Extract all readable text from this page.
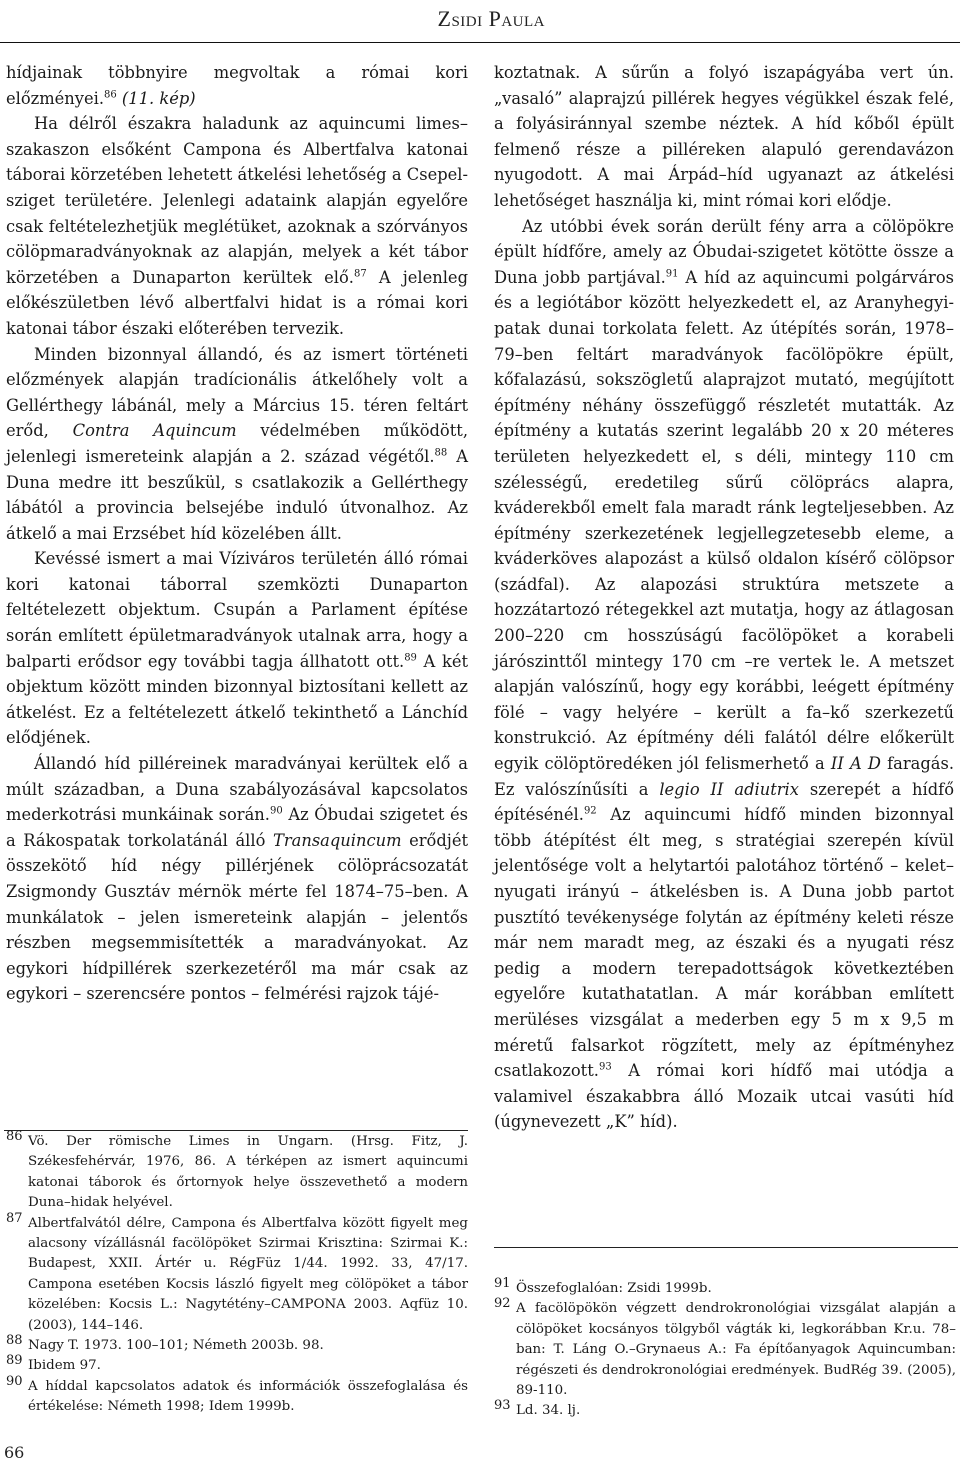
Zsidi Paula

hídjainak többnyire megvoltak a római kori előzményei.$^{86}$ (11. kép)

Ha délről északra haladunk az aquincumi limes–szakaszon elsőként Campona és Albertfalva katonai táborai körzetében lehetett átkelési lehetőség a Csepel-sziget területére. Jelenlegi adataink alapján egyelőre csak feltételezhetjük meglétüket, azoknak a szórványos cölöpmaradványoknak az alapján, melyek a két tábor körzetében a Dunaparton kerültek elő.$^{87}$ A jelenleg előkészületben lévő albertfalvi hidat is a római kori katonai tábor északi előterében tervezik.

Minden bizonnyal állandó, és az ismert történeti előzmények alapján tradícionális átkelőhely volt a Gellérthegy lábánál, mely a Március 15. téren feltárt erőd, Contra Aquincum védelmében működött, jelenlegi ismereteink alapján a 2. század végétől.$^{88}$ A Duna medre itt beszűkül, s csatlakozik a Gellérthegy lábától a provincia belsejébe induló útvonalhoz. Az átkelő a mai Erzsébet híd közelében állt.

Kevéssé ismert a mai Víziváros területén álló római kori katonai táborral szemközti Dunaparton feltételezett objektum. Csupán a Parlament építése során említett épületmaradványok utalnak arra, hogy a balparti erődsor egy további tagja állhatott ott.$^{89}$ A két objektum között minden bizonnyal biztosítani kellett az átkelést. Ez a feltételezett átkelő tekinthető a Lánchíd elődjének.

Állandó híd pilléreinek maradványai kerültek elő a múlt században, a Duna szabályozásával kapcsolatos mederkotrási munkáinak során.$^{90}$ Az Óbudai szigetet és a Rákospatak torkolatánál álló Transaquincum erődjét összekötő híd négy pillérjének cölöprácsozatát Zsigmondy Gusztáv mérnök mérte fel 1874–75–ben. A munkálatok – jelen ismereteink alapján – jelentős részben megsemmisítették a maradványokat. Az egykori hídpillérek szerkezetéről ma már csak az egykori – szerencsére pontos – felmérési rajzok tájé-

koztatnak. A sűrűn a folyó iszapágyába vert ún. „vasaló” alaprajzú pillérek hegyes végükkel észak felé, a folyásiránnyal szembe néztek. A híd kőből épült felmenő része a pilléreken alapuló gerendavázon nyugodott. A mai Árpád–híd ugyanazt az átkelési lehetőséget használja ki, mint római kori elődje.

Az utóbbi évek során derült fény arra a cölöpökre épült hídfőre, amely az Óbudai-szigetet kötötte össze a Duna jobb partjával.$^{91}$ A híd az aquincumi polgárváros és a legiótábor között helyezkedett el, az Aranyhegyi-patak dunai torkolata felett. Az útépítés során, 1978–79–ben feltárt maradványok facölöpökre épült, kőfalazású, sokszögletű alaprajzot mutató, megújított építmény néhány összefüggő részletét mutatták. Az építmény a kutatás szerint legalább 20 x 20 méteres területen helyezkedett el, s déli, mintegy 110 cm szélességű, eredetileg sűrű cölöprács alapra, kváderekből emelt fala maradt ránk legteljesebben. Az építmény szerkezetének legjellegzetesebb eleme, a kváderköves alapozást a külső oldalon kísérő cölöpsor (szádfal). Az alapozási struktúra metszete a hozzátartozó rétegekkel azt mutatja, hogy az átlagosan 200–220 cm hosszúságú facölöpöket a korabeli járószinttől mintegy 170 cm –re vertek le. A metszet alapján valószínű, hogy egy korábbi, leégett építmény fölé – vagy helyére – került a fa–kő szerkezetű konstrukció. Az építmény déli falától délre előkerült egyik cölöptöredéken jól felismerhető a II A D faragás. Ez valószínűsíti a legio II adiutrix szerepét a hídfő építésénél.$^{92}$ Az aquincumi hídfő minden bizonnyal több átépítést élt meg, s stratégiai szerepén kívül jelentősége volt a helytartói palotához történő – kelet– nyugati irányú – átkelésben is. A Duna jobb partot pusztító tevékenysége folytán az építmény keleti része már nem maradt meg, az északi és a nyugati rész pedig a modern terepadottságok következtében egyelőre kutathatatlan. A már korábban említett merüléses vizsgálat a mederben egy 5 m x 9,5 m méretű falsarkot rögzített, mely az építményhez csatlakozott.$^{93}$ A római kori hídfő mai utódja a valamivel északabbra álló Mozaik utcai vasúti híd (úgynevezett „K” híd).

86 Vö. Der römische Limes in Ungarn. (Hrsg. Fitz, J. Székesfehérvár, 1976, 86. A térképen az ismert aquincumi katonai táborok és őrtornyok helye összevethető a modern Duna–hidak helyével.
87 Albertfalvától délre, Campona és Albertfalva között figyelt meg alacsony vízállásnál facölöpöket Szirmai Krisztina: Szirmai K.: Budapest, XXII. Ártér u. RégFüz 1/44. 1992. 33, 47/17. Campona esetében Kocsis lászló figyelt meg cölöpöket a tábor közelében: Kocsis L.: Nagytétény–CAMPONA 2003. Aqfüz 10. (2003), 144–146.
88 Nagy T. 1973. 100–101; Németh 2003b. 98.
89 Ibidem 97.
90 A híddal kapcsolatos adatok és információk összefoglalása és értékelése: Németh 1998; Idem 1999b.
91 Összefoglalóan: Zsidi 1999b.
92 A facölöpökön végzett dendrokronológiai vizsgálat alapján a cölöpöket kocsányos tölgyből vágták ki, legkorábban Kr.u. 78–ban: T. Láng O.–Grynaeus A.: Fa építőanyagok Aquincumban: régészeti és dendrokronológiai eredmények. BudRég 39. (2005), 89-110.
93 Ld. 34. lj.
66
